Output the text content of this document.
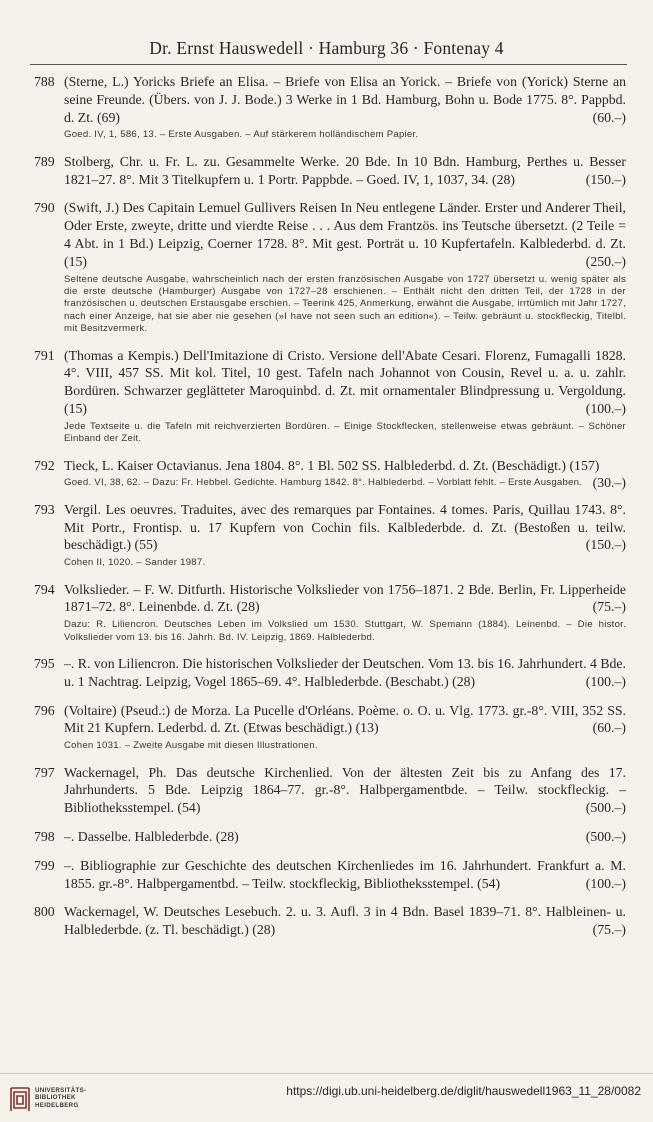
Dr. Ernst Hauswedell · Hamburg 36 · Fontenay 4
788 (Sterne, L.) Yoricks Briefe an Elisa. – Briefe von Elisa an Yorick. – Briefe von (Yorick) Sterne an seine Freunde. (Übers. von J. J. Bode.) 3 Werke in 1 Bd. Hamburg, Bohn u. Bode 1775. 8°. Pappbd. d. Zt. (69)	(60.–)
Goed. IV, 1, 586, 13. – Erste Ausgaben. – Auf stärkerem holländischem Papier.
789 Stolberg, Chr. u. Fr. L. zu. Gesammelte Werke. 20 Bde. In 10 Bdn. Hamburg, Perthes u. Besser 1821–27. 8°. Mit 3 Titelkupfern u. 1 Portr. Pappbde. – Goed. IV, 1, 1037, 34. (28)	(150.–)
790 (Swift, J.) Des Capitain Lemuel Gullivers Reisen In Neu entlegene Länder. Erster und Anderer Theil, Oder Erste, zweyte, dritte und vierdte Reise . . . Aus dem Frantzös. ins Teutsche übersetzt. (2 Teile = 4 Abt. in 1 Bd.) Leipzig, Coerner 1728. 8°. Mit gest. Porträt u. 10 Kupfertafeln. Kalblederbd. d. Zt. (15)	(250.–)
Seltene deutsche Ausgabe, wahrscheinlich nach der ersten französischen Ausgabe von 1727 übersetzt u. wenig später als die erste deutsche (Hamburger) Ausgabe von 1727–28 erschienen. – Enthält nicht den dritten Teil, der 1728 in der französischen u. deutschen Erstausgabe erschien. – Teerink 425, Anmerkung, erwähnt die Ausgabe, irrtümlich mit Jahr 1727, nach einer Anzeige, hat sie aber nie gesehen (»I have not seen such an edition«). – Teilw. gebräunt u. stockfleckig, Titelbl. mit Besitzvermerk.
791 (Thomas a Kempis.) Dell'Imitazione di Cristo. Versione dell'Abate Cesari. Florenz, Fumagalli 1828. 4°. VIII, 457 SS. Mit kol. Titel, 10 gest. Tafeln nach Johannot von Cousin, Revel u. a. u. zahlr. Bordüren. Schwarzer geglätteter Maroquinbd. d. Zt. mit ornamentaler Blindpressung u. Vergoldung. (15)	(100.–)
Jede Textseite u. die Tafeln mit reichverzierten Bordüren. – Einige Stockflecken, stellenweise etwas gebräunt. – Schöner Einband der Zeit.
792 Tieck, L. Kaiser Octavianus. Jena 1804. 8°. 1 Bl. 502 SS. Halblederbd. d. Zt. (Beschädigt.) (157)
(30.–)
Goed. VI, 38, 62. – Dazu: Fr. Hebbel. Gedichte. Hamburg 1842. 8°. Halblederbd. – Vorblatt fehlt. – Erste Ausgaben.
793 Vergil. Les oeuvres. Traduites, avec des remarques par Fontaines. 4 tomes. Paris, Quillau 1743. 8°. Mit Portr., Frontisp. u. 17 Kupfern von Cochin fils. Kalblederbde. d. Zt. (Bestoßen u. teilw. beschädigt.) (55)	(150.–)
Cohen II, 1020. – Sander 1987.
794 Volkslieder. – F. W. Ditfurth. Historische Volkslieder von 1756–1871. 2 Bde. Berlin, Fr. Lipperheide 1871–72. 8°. Leinenbde. d. Zt. (28)	(75.–)
Dazu: R. Liliencron. Deutsches Leben im Volkslied um 1530. Stuttgart, W. Spemann (1884). Leinenbd. – Die histor. Volkslieder vom 13. bis 16. Jahrh. Bd. IV. Leipzig, 1869. Halblederbd.
795 –. R. von Liliencron. Die historischen Volkslieder der Deutschen. Vom 13. bis 16. Jahrhundert. 4 Bde. u. 1 Nachtrag. Leipzig, Vogel 1865–69. 4°. Halblederbde. (Beschabt.) (28)	(100.–)
796 (Voltaire) (Pseud.:) de Morza. La Pucelle d'Orléans. Poème. o. O. u. Vlg. 1773. gr.-8°. VIII, 352 SS. Mit 21 Kupfern. Lederbd. d. Zt. (Etwas beschädigt.) (13)	(60.–)
Cohen 1031. – Zweite Ausgabe mit diesen Illustrationen.
797 Wackernagel, Ph. Das deutsche Kirchenlied. Von der ältesten Zeit bis zu Anfang des 17. Jahrhunderts. 5 Bde. Leipzig 1864–77. gr.-8°. Halbpergamentbde. – Teilw. stockfleckig. – Bibliotheksstempel. (54)	(500.–)
798 –. Dasselbe. Halblederbde. (28)	(500.–)
799 –. Bibliographie zur Geschichte des deutschen Kirchenliedes im 16. Jahrhundert. Frankfurt a. M. 1855. gr.-8°. Halbpergamentbd. – Teilw. stockfleckig, Bibliotheksstempel. (54)	(100.–)
800 Wackernagel, W. Deutsches Lesebuch. 2. u. 3. Aufl. 3 in 4 Bdn. Basel 1839–71. 8°. Halbleinen- u. Halblederbde. (z. Tl. beschädigt.) (28)	(75.–)
UNIVERSITÄTS-
BIBLIOTHEK
HEIDELBERG
https://digi.ub.uni-heidelberg.de/diglit/hauswedell1963_11_28/0082
